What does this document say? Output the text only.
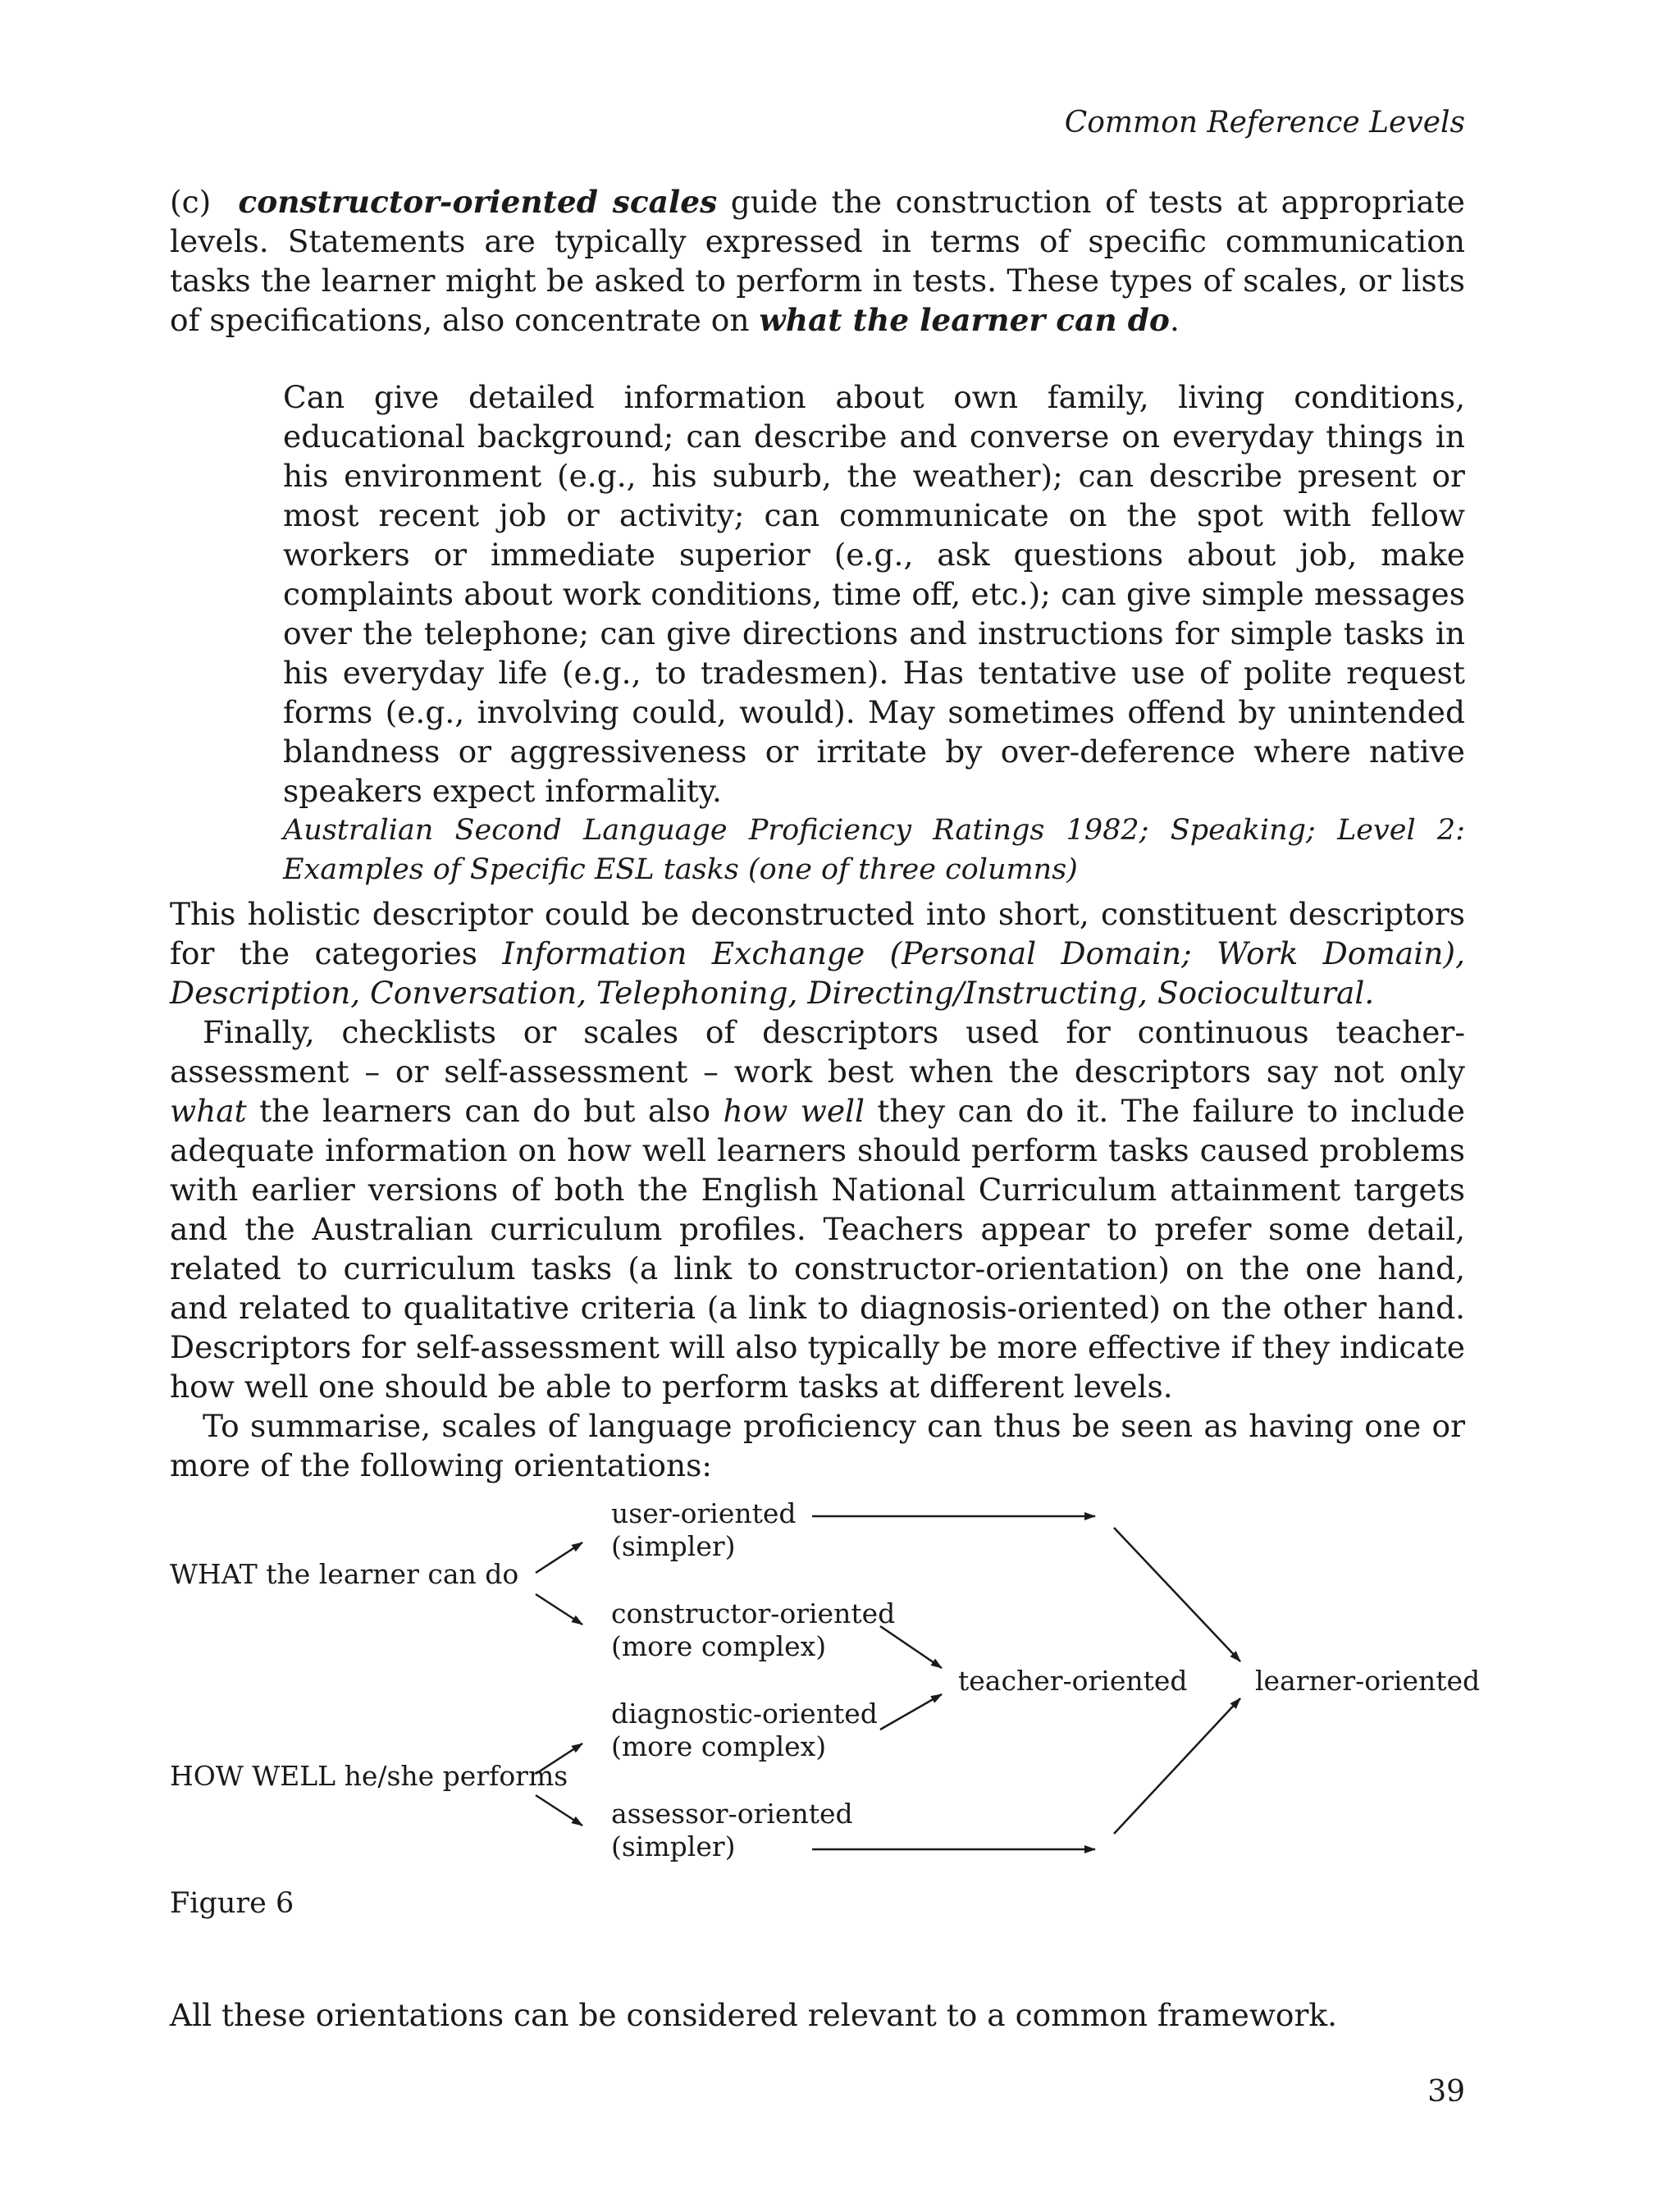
Common Reference Levels

(c) constructor-oriented scales guide the construction of tests at appropriate levels. Statements are typically expressed in terms of specific communication tasks the learner might be asked to perform in tests. These types of scales, or lists of specifications, also concentrate on what the learner can do.

Can give detailed information about own family, living conditions, educational background; can describe and converse on everyday things in his environment (e.g., his suburb, the weather); can describe present or most recent job or activity; can communicate on the spot with fellow workers or immediate superior (e.g., ask questions about job, make complaints about work conditions, time off, etc.); can give simple messages over the telephone; can give directions and instructions for simple tasks in his everyday life (e.g., to tradesmen). Has tentative use of polite request forms (e.g., involving could, would). May sometimes offend by unintended blandness or aggressiveness or irritate by over-deference where native speakers expect informality.

Australian Second Language Proficiency Ratings 1982; Speaking; Level 2: Examples of Specific ESL tasks (one of three columns)

This holistic descriptor could be deconstructed into short, constituent descriptors for the categories Information Exchange (Personal Domain; Work Domain), Description, Conversation, Telephoning, Directing/Instructing, Sociocultural.

Finally, checklists or scales of descriptors used for continuous teacher-assessment – or self-assessment – work best when the descriptors say not only what the learners can do but also how well they can do it. The failure to include adequate information on how well learners should perform tasks caused problems with earlier versions of both the English National Curriculum attainment targets and the Australian curriculum profiles. Teachers appear to prefer some detail, related to curriculum tasks (a link to constructor-orientation) on the one hand, and related to qualitative criteria (a link to diagnosis-oriented) on the other hand. Descriptors for self-assessment will also typically be more effective if they indicate how well one should be able to perform tasks at different levels.

To summarise, scales of language proficiency can thus be seen as having one or more of the following orientations:

WHAT the learner can do
HOW WELL he/she performs
user-oriented
(simpler)
constructor-oriented
(more complex)
diagnostic-oriented
(more complex)
assessor-oriented
(simpler)
teacher-oriented learner-oriented
Figure 6
All these orientations can be considered relevant to a common framework.
39
